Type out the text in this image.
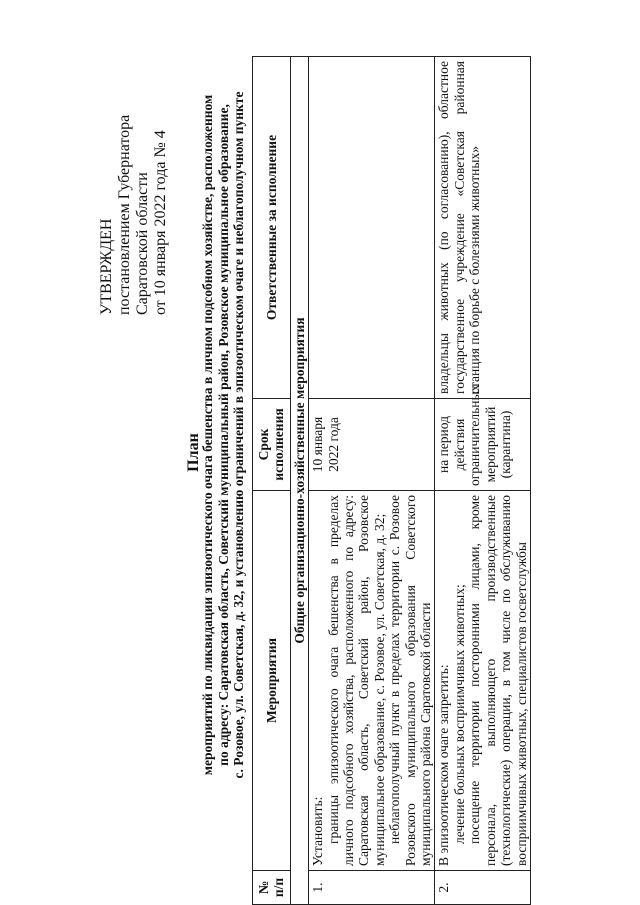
УТВЕРЖДЕН постановлением Губернатора Саратовской области от 10 января 2022 года № 4
План
мероприятий по ликвидации эпизоотического очага бешенства в личном подсобном хозяйстве, расположенном по адресу: Саратовская область, Советский муниципальный район, Розовское муниципальное образование, с. Розовое, ул. Советская, д. 32, и установлению ограничений в эпизоотическом очаге и неблагополучном пункте
№ п/п	Мероприятия	Срок исполнения	Ответственные за исполнение
Общие организационно-хозяйственные мероприятия			
1.	Установить: границы эпизоотического очага бешенства в пределах личного подсобного хозяйства, расположенного по адресу: Саратовская область, Советский район, Розовское муниципальное образование, с. Розовое, ул. Советская, д. 32; неблагополучный пункт в пределах территории с. Розовое Розовского муниципального образования Советского муниципального района Саратовской области	10 января 2022 года	
2.	В эпизоотическом очаге запретить: лечение больных восприимчивых животных; посещение территории посторонними лицами, кроме персонала, выполняющего производственные (технологические) операции, в том числе по обслуживанию восприимчивых животных, специалистов госветслужбы	на период действия ограничительных мероприятий (карантина)	владельцы животных (по согласованию), областное государственное учреждение «Советская районная станция по борьбе с болезнями животных»
